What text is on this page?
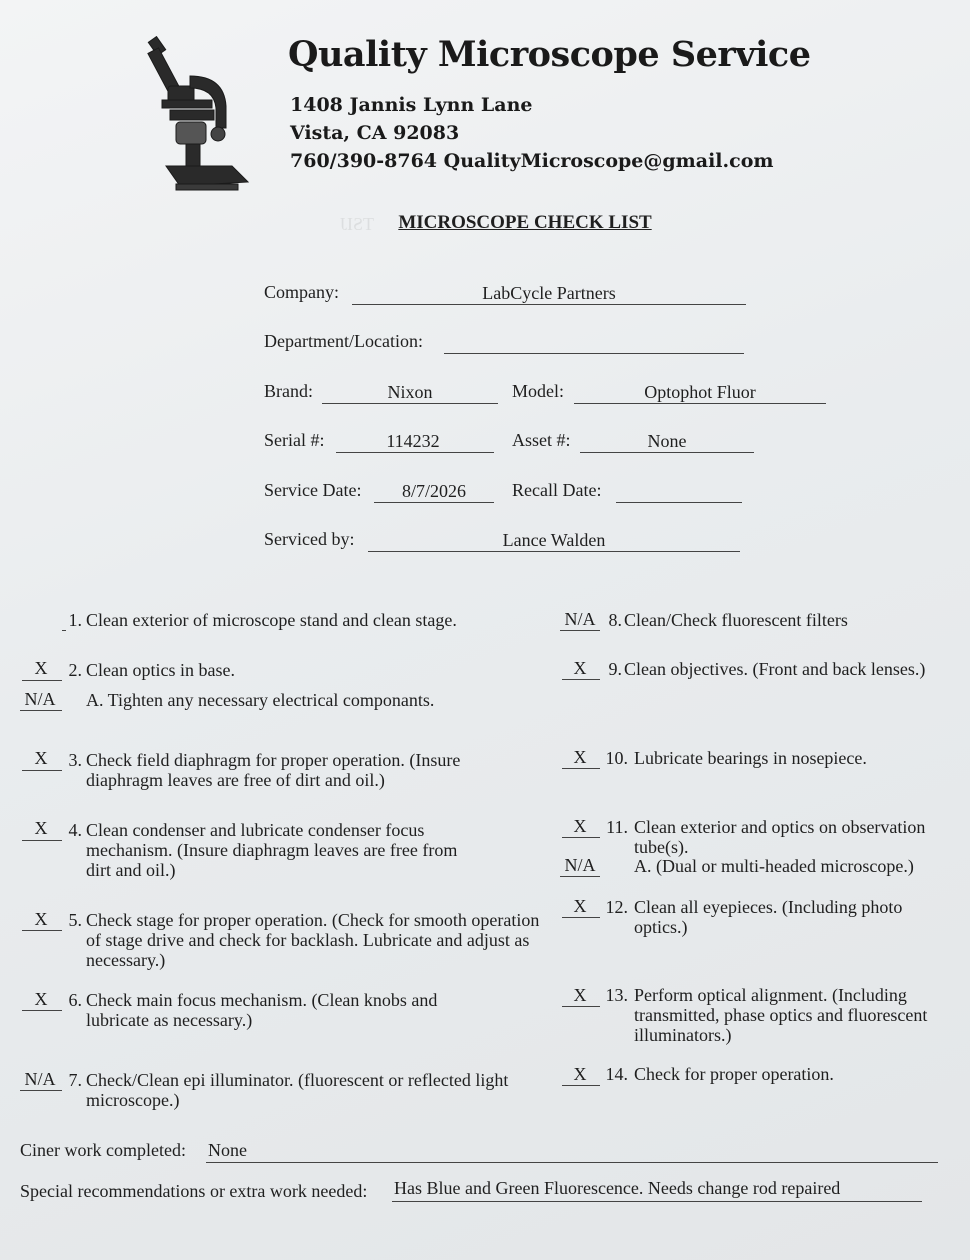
TSIJ
Quality Microscope Service
1408 Jannis Lynn Lane
Vista, CA 92083
760/390-8764 QualityMicroscope@gmail.com
MICROSCOPE CHECK LIST
Company:	LabCycle Partners
Department/Location:
Brand:	Nixon	Model:	Optophot Fluor
Serial #:	114232	Asset #:	None
Service Date:	8/7/2026	Recall Date:
Serviced by:	Lance Walden
1. Clean exterior of microscope stand and clean stage.
X	2. Clean optics in base.
N/A	A. Tighten any necessary electrical componants.
X	3. Check field diaphragm for proper operation. (Insure diaphragm leaves are free of dirt and oil.)
X	4. Clean condenser and lubricate condenser focus mechanism. (Insure diaphragm leaves are free from dirt and oil.)
X	5. Check stage for proper operation. (Check for smooth operation of stage drive and check for backlash. Lubricate and adjust as necessary.)
X	6. Check main focus mechanism. (Clean knobs and lubricate as necessary.)
N/A 7. Check/Clean epi illuminator. (fluorescent or reflected light microscope.)
N/A 8. Clean/Check fluorescent filters
X	9. Clean objectives. (Front and back lenses.)
X	10. Lubricate bearings in nosepiece.
X	11. Clean exterior and optics on observation tube(s).
N/A	A. (Dual or multi-headed microscope.)
X	12. Clean all eyepieces. (Including photo optics.)
X	13. Perform optical alignment. (Including transmitted, phase optics and fluorescent illuminators.)
X	14. Check for proper operation.
Ciner work completed: None
Special recommendations or extra work needed: Has Blue and Green Fluorescence. Needs change rod repaired
